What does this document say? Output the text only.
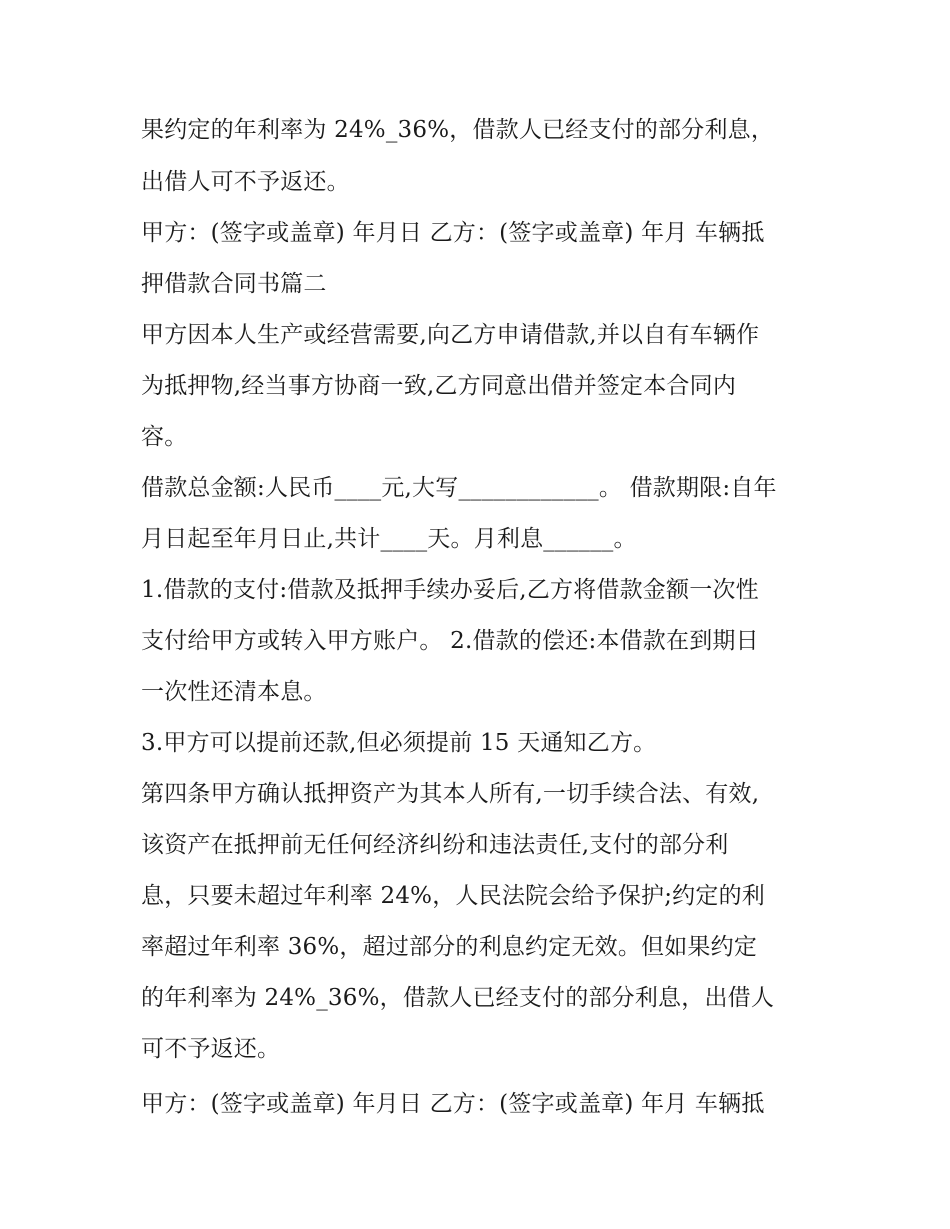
果约定的年利率为 24%_36%，借款人已经支付的部分利息，
出借人可不予返还。
甲方：(签字或盖章) 年月日 乙方：(签字或盖章) 年月 车辆抵
押借款合同书篇二
甲方因本人生产或经营需要,向乙方申请借款,并以自有车辆作
为抵押物,经当事方协商一致,乙方同意出借并签定本合同内
容。
借款总金额:人民币____元,大写____________。 借款期限:自年
月日起至年月日止,共计____天。月利息______。
1.借款的支付:借款及抵押手续办妥后,乙方将借款金额一次性
支付给甲方或转入甲方账户。 2.借款的偿还:本借款在到期日
一次性还清本息。
3.甲方可以提前还款,但必须提前 15 天通知乙方。
第四条甲方确认抵押资产为其本人所有,一切手续合法、有效,
该资产在抵押前无任何经济纠纷和违法责任,支付的部分利
息，只要未超过年利率 24%，人民法院会给予保护;约定的利
率超过年利率 36%，超过部分的利息约定无效。但如果约定
的年利率为 24%_36%，借款人已经支付的部分利息，出借人
可不予返还。
甲方：(签字或盖章) 年月日 乙方：(签字或盖章) 年月 车辆抵
